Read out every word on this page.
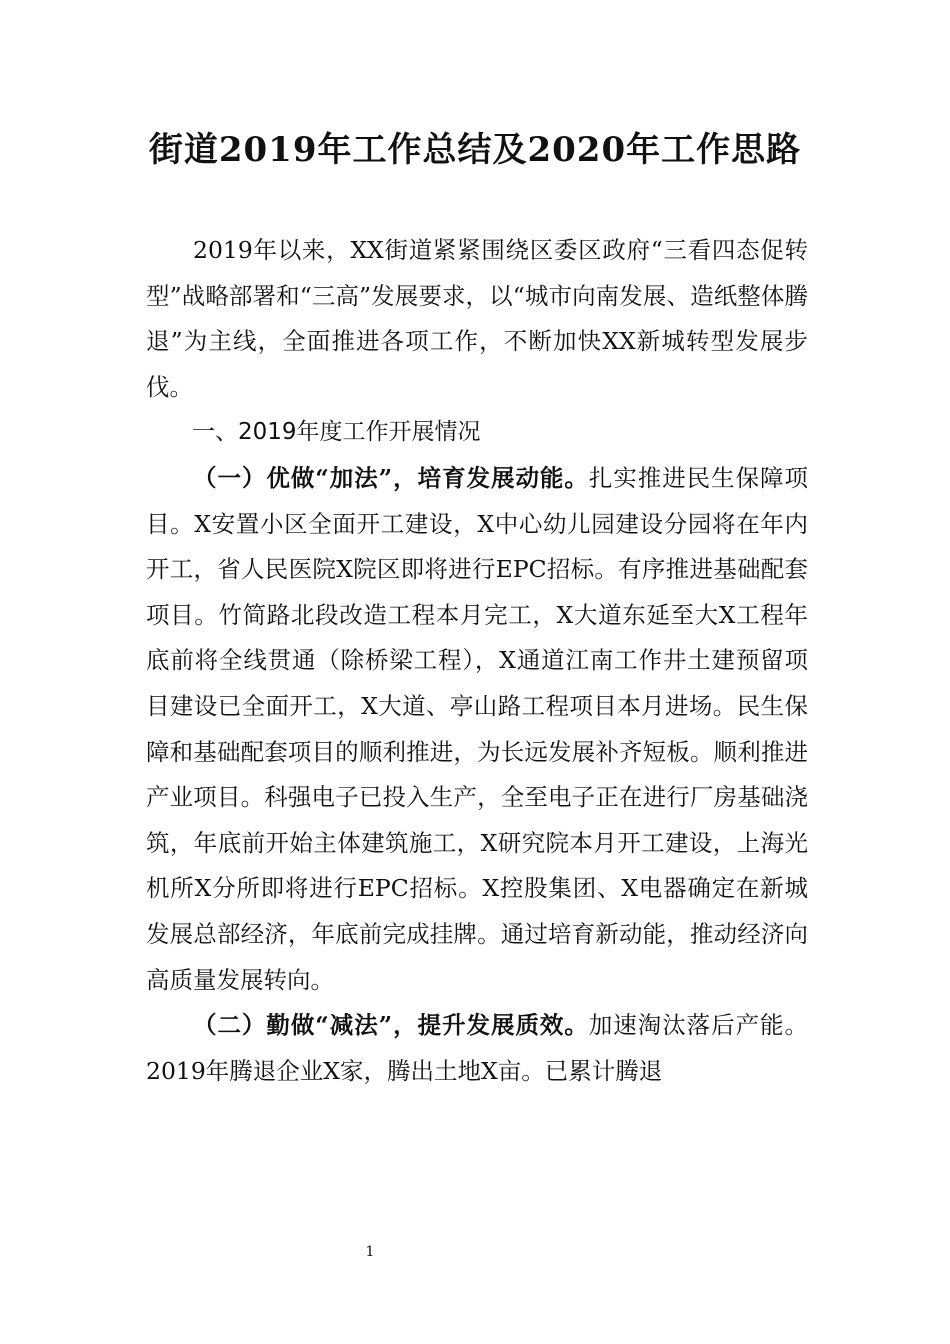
街道2019年工作总结及2020年工作思路

2019年以来，XX街道紧紧围绕区委区政府“三看四态促转型”战略部署和“三高”发展要求，以“城市向南发展、造纸整体腾退”为主线，全面推进各项工作，不断加快XX新城转型发展步伐。

一、2019年度工作开展情况

（一）优做“加法”，培育发展动能。扎实推进民生保障项目。X安置小区全面开工建设，X中心幼儿园建设分园将在年内开工，省人民医院X院区即将进行EPC招标。有序推进基础配套项目。竹简路北段改造工程本月完工，X大道东延至大X工程年底前将全线贯通（除桥梁工程），X通道江南工作井土建预留项目建设已全面开工，X大道、亭山路工程项目本月进场。民生保障和基础配套项目的顺利推进，为长远发展补齐短板。顺利推进产业项目。科强电子已投入生产，全至电子正在进行厂房基础浇筑，年底前开始主体建筑施工，X研究院本月开工建设，上海光机所X分所即将进行EPC招标。X控股集团、X电器确定在新城发展总部经济，年底前完成挂牌。通过培育新动能，推动经济向高质量发展转向。

（二）勤做“减法”，提升发展质效。加速淘汰落后产能。2019年腾退企业X家，腾出土地X亩。已累计腾退

1
